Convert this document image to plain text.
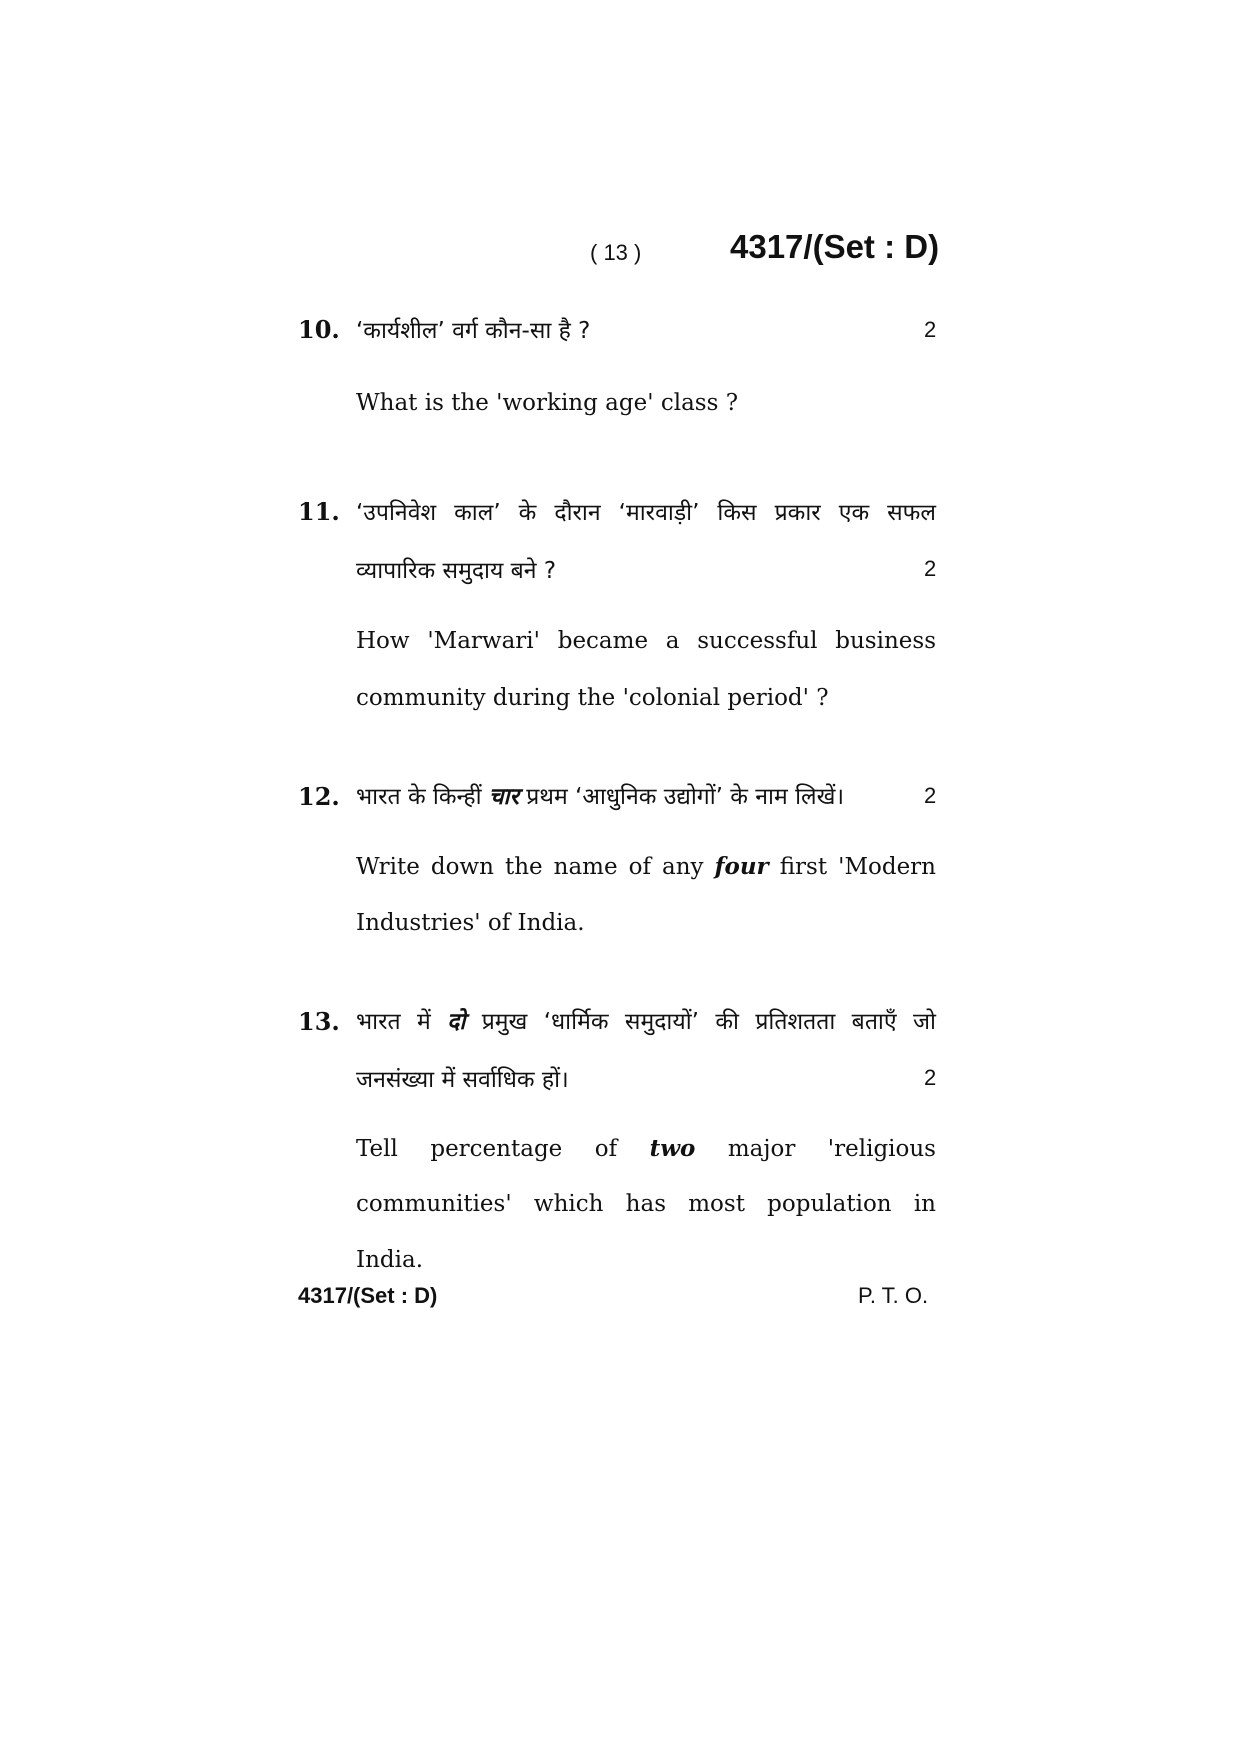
( 13 )	4317/(Set : D)
10. ‘कार्यशील’ वर्ग कौन-सा है ?	2
What is the 'working age' class ?
11. ‘उपनिवेश काल’ के दौरान ‘मारवाड़ी’ किस प्रकार एक सफल
व्यापारिक समुदाय बने ?	2
How 'Marwari' became a successful business
community during the 'colonial period' ?
12. भारत के किन्हीं चार प्रथम ‘आधुनिक उद्योगों’ के नाम लिखें।	2
Write down the name of any four first 'Modern
Industries' of India.
13. भारत में दो प्रमुख ‘धार्मिक समुदायों’ की प्रतिशतता बताएँ जो
जनसंख्या में सर्वाधिक हों।	2
Tell percentage of two major 'religious
communities' which has most population in
India.
4317/(Set : D)	P. T. O.
